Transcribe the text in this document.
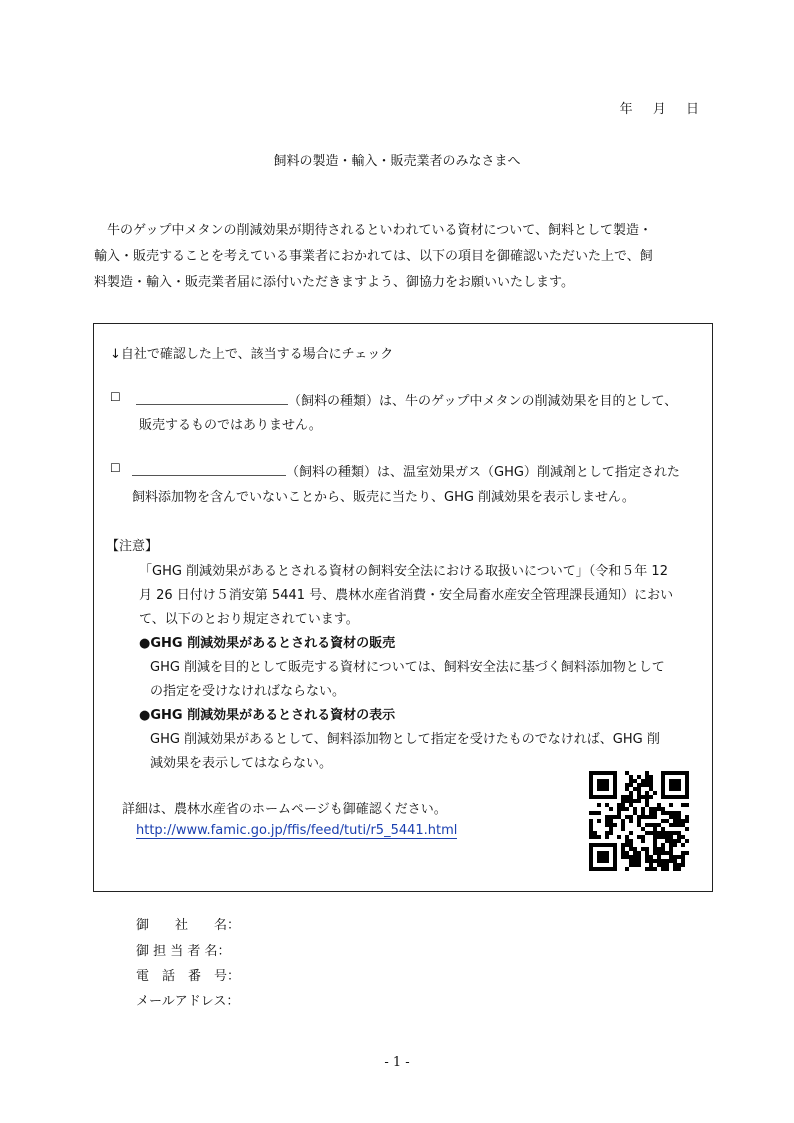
年 月 日
飼料の製造・輸入・販売業者のみなさまへ
　牛のゲップ中メタンの削減効果が期待されるといわれている資材について、飼料として製造・
輸入・販売することを考えている事業者におかれては、以下の項目を御確認いただいた上で、飼
料製造・輸入・販売業者届に添付いただきますよう、御協力をお願いいたします。
↓自社で確認した上で、該当する場合にチェック
☐	（飼料の種類）は、牛のゲップ中メタンの削減効果を目的として、
販売するものではありません。
☐	（飼料の種類）は、温室効果ガス（GHG）削減剤として指定された
飼料添加物を含んでいないことから、販売に当たり、GHG 削減効果を表示しません。
【注意】
「GHG 削減効果があるとされる資材の飼料安全法における取扱いについて」（令和５年 12
月 26 日付け５消安第 5441 号、農林水産省消費・安全局畜水産安全管理課長通知）におい
て、以下のとおり規定されています。
●GHG 削減効果があるとされる資材の販売
GHG 削減を目的として販売する資材については、飼料安全法に基づく飼料添加物として
の指定を受けなければならない。
●GHG 削減効果があるとされる資材の表示
GHG 削減効果があるとして、飼料添加物として指定を受けたものでなければ、GHG 削
減効果を表示してはならない。
詳細は、農林水産省のホームページも御確認ください。
http://www.famic.go.jp/ffis/feed/tuti/r5_5441.html
御　　社　　名：
御 担 当 者 名：
電　話　番　号：
メールアドレス：
- 1 -
